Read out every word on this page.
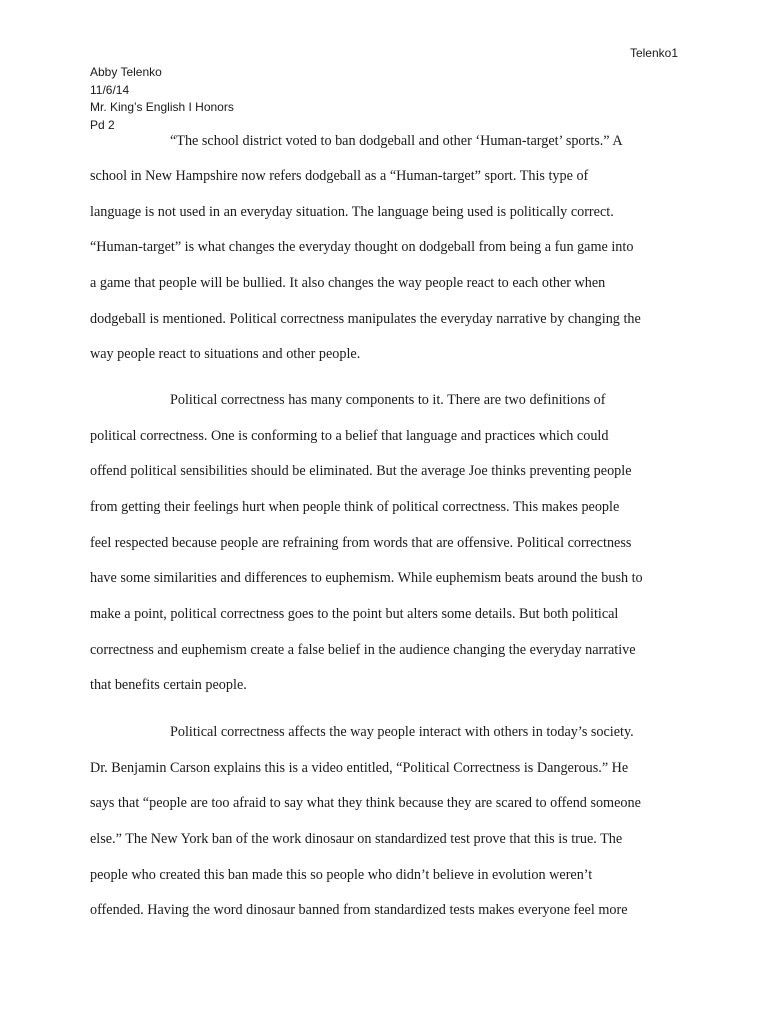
Telenko1
Abby Telenko
11/6/14
Mr. King’s English I Honors
Pd 2
“The school district voted to ban dodgeball and other ‘Human-target’ sports.” A
school in New Hampshire now refers dodgeball as a “Human-target” sport. This type of
language is not used in an everyday situation. The language being used is politically correct.
“Human-target” is what changes the everyday thought on dodgeball from being a fun game into
a game that people will be bullied. It also changes the way people react to each other when
dodgeball is mentioned. Political correctness manipulates the everyday narrative by changing the
way people react to situations and other people.
Political correctness has many components to it. There are two definitions of
political correctness. One is conforming to a belief that language and practices which could
offend political sensibilities should be eliminated. But the average Joe thinks preventing people
from getting their feelings hurt when people think of political correctness. This makes people
feel respected because people are refraining from words that are offensive. Political correctness
have some similarities and differences to euphemism. While euphemism beats around the bush to
make a point, political correctness goes to the point but alters some details. But both political
correctness and euphemism create a false belief in the audience changing the everyday narrative
that benefits certain people.
Political correctness affects the way people interact with others in today’s society.
Dr. Benjamin Carson explains this is a video entitled, “Political Correctness is Dangerous.” He
says that “people are too afraid to say what they think because they are scared to offend someone
else.” The New York ban of the work dinosaur on standardized test prove that this is true. The
people who created this ban made this so people who didn’t believe in evolution weren’t
offended. Having the word dinosaur banned from standardized tests makes everyone feel more
